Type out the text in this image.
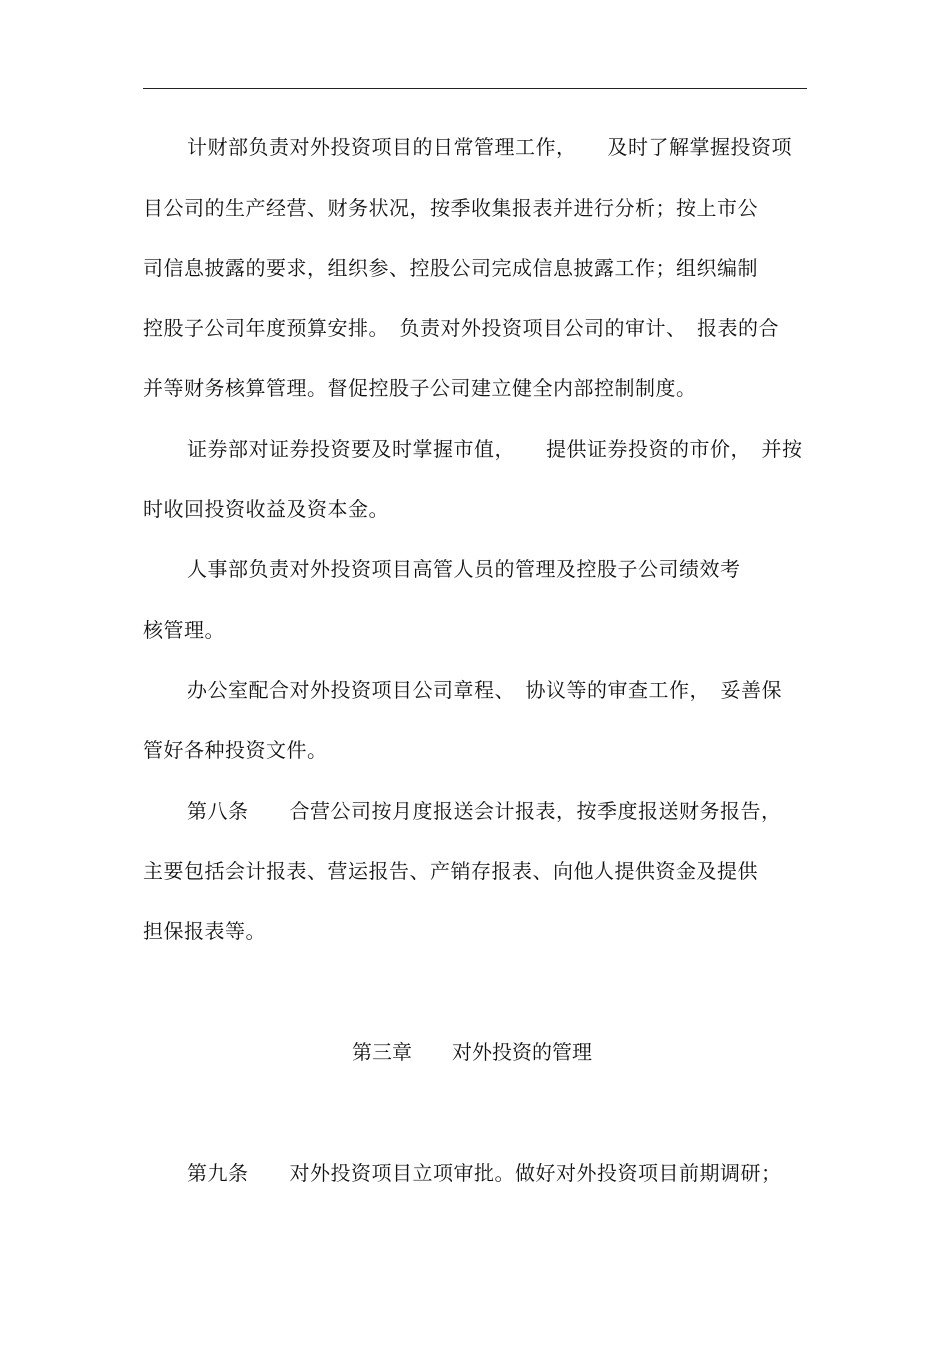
计财部负责对外投资项目的日常管理工作，　　及时了解掌握投资项
目公司的生产经营、财务状况，按季收集报表并进行分析；按上市公
司信息披露的要求，组织参、控股公司完成信息披露工作；组织编制
控股子公司年度预算安排。　负责对外投资项目公司的审计、　报表的合
并等财务核算管理。督促控股子公司建立健全内部控制制度。
证券部对证券投资要及时掌握市值，　　提供证券投资的市价，　并按
时收回投资收益及资本金。
人事部负责对外投资项目高管人员的管理及控股子公司绩效考
核管理。
办公室配合对外投资项目公司章程、　协议等的审查工作，　妥善保
管好各种投资文件。
第八条　　合营公司按月度报送会计报表，按季度报送财务报告，
主要包括会计报表、营运报告、产销存报表、向他人提供资金及提供
担保报表等。
第三章　　对外投资的管理
第九条　　对外投资项目立项审批。做好对外投资项目前期调研；
